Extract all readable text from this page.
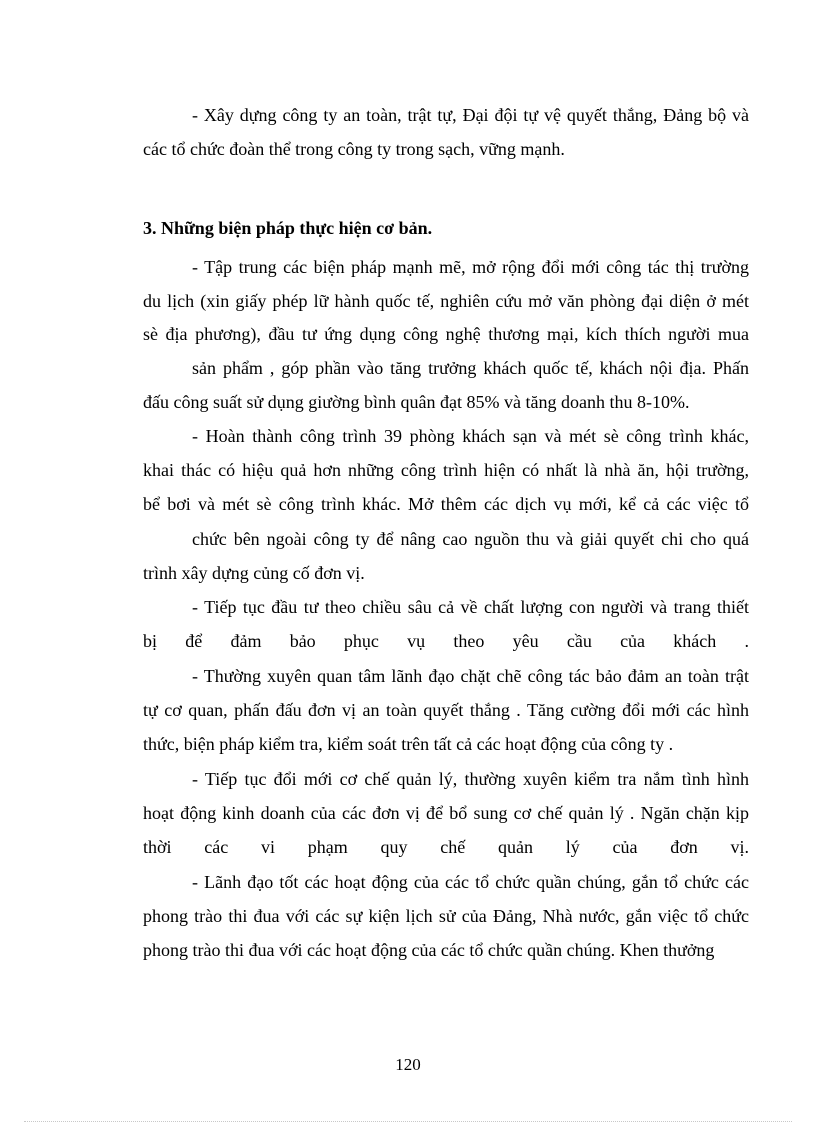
- Xây dựng công ty an toàn, trật tự, Đại đội tự vệ quyết thắng, Đảng bộ và
các tổ chức đoàn thể trong công ty trong sạch, vững mạnh.
3. Những biện pháp thực hiện cơ bản.
- Tập trung các biện pháp mạnh mẽ, mở rộng đổi mới công tác thị trường
du lịch (xin giấy phép lữ hành quốc tế, nghiên cứu mở văn phòng đại diện ở mét
sè địa phương), đầu tư ứng dụng công nghệ thương mại, kích thích người mua
sản phẩm , góp phần vào tăng trưởng khách quốc tế, khách nội địa. Phấn
đấu công suất sử dụng giường bình quân đạt 85% và tăng doanh thu 8-10%.
- Hoàn thành công trình 39 phòng khách sạn và mét sè công trình khác,
khai thác có hiệu quả hơn những công trình hiện có nhất là nhà ăn, hội trường,
bể bơi và mét sè công trình khác. Mở thêm các dịch vụ mới, kể cả các việc tổ
chức bên ngoài công ty để nâng cao nguồn thu và giải quyết chi cho quá
trình xây dựng củng cố đơn vị.
- Tiếp tục đầu tư theo chiều sâu cả về chất lượng con người và trang thiết
bị để đảm bảo phục vụ theo yêu cầu của khách .
- Thường xuyên quan tâm lãnh đạo chặt chẽ công tác bảo đảm an toàn trật
tự cơ quan, phấn đấu đơn vị an toàn quyết thắng . Tăng cường đổi mới các hình
thức, biện pháp kiểm tra, kiểm soát trên tất cả các hoạt động của công ty .
- Tiếp tục đổi mới cơ chế quản lý, thường xuyên kiểm tra nắm tình hình
hoạt động kinh doanh của các đơn vị để bổ sung cơ chế quản lý . Ngăn chặn kịp
thời các vi phạm quy chế quản lý của đơn vị.
- Lãnh đạo tốt các hoạt động của các tổ chức quần chúng, gắn tổ chức các
phong trào thi đua với các sự kiện lịch sử của Đảng, Nhà nước, gắn việc tổ chức
phong trào thi đua với các hoạt động của các tổ chức quần chúng. Khen thưởng
120
